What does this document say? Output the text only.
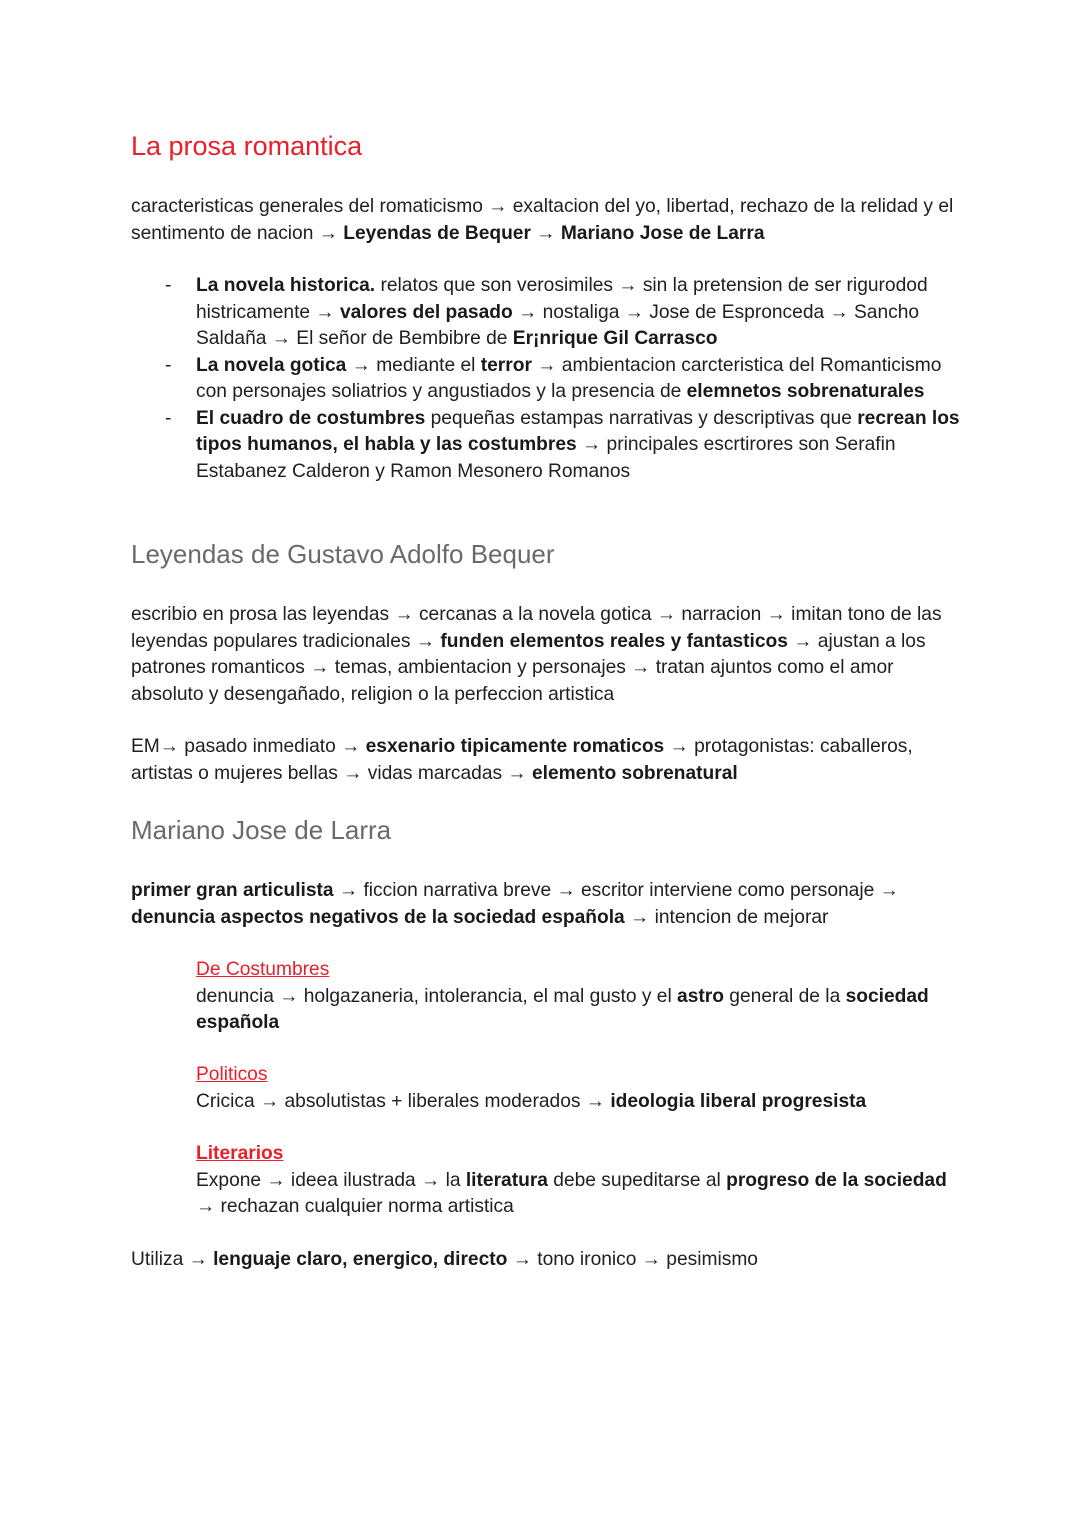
La prosa romantica

caracteristicas generales del romaticismo → exaltacion del yo, libertad, rechazo de la relidad y el sentimento de nacion → Leyendas de Bequer → Mariano Jose de Larra

- La novela historica. relatos que son verosimiles → sin la pretension de ser rigurodod histricamente → valores del pasado → nostaliga → Jose de Espronceda → Sancho Saldaña → El señor de Bembibre de Er¡nrique Gil Carrasco
- La novela gotica → mediante el terror → ambientacion carcteristica del Romanticismo con personajes soliatrios y angustiados y la presencia de elemnetos sobrenaturales
- El cuadro de costumbres pequeñas estampas narrativas y descriptivas que recrean los tipos humanos, el habla y las costumbres → principales escrtirores son Serafin Estabanez Calderon y Ramon Mesonero Romanos
Leyendas de Gustavo Adolfo Bequer

escribio en prosa las leyendas → cercanas a la novela gotica → narracion → imitan tono de las leyendas populares tradicionales → funden elementos reales y fantasticos → ajustan a los patrones romanticos → temas, ambientacion y personajes → tratan ajuntos como el amor absoluto y desengañado, religion o la perfeccion artistica

EM→ pasado inmediato → esxenario tipicamente romaticos → protagonistas: caballeros, artistas o mujeres bellas → vidas marcadas → elemento sobrenatural

Mariano Jose de Larra

primer gran articulista → ficcion narrativa breve → escritor interviene como personaje → denuncia aspectos negativos de la sociedad española → intencion de mejorar

De Costumbres
denuncia → holgazaneria, intolerancia, el mal gusto y el astro general de la sociedad española
Politicos
Cricica → absolutistas + liberales moderados → ideologia liberal progresista
Literarios
Expone → ideea ilustrada → la literatura debe supeditarse al progreso de la sociedad → rechazan cualquier norma artistica

Utiliza → lenguaje claro, energico, directo → tono ironico → pesimismo
